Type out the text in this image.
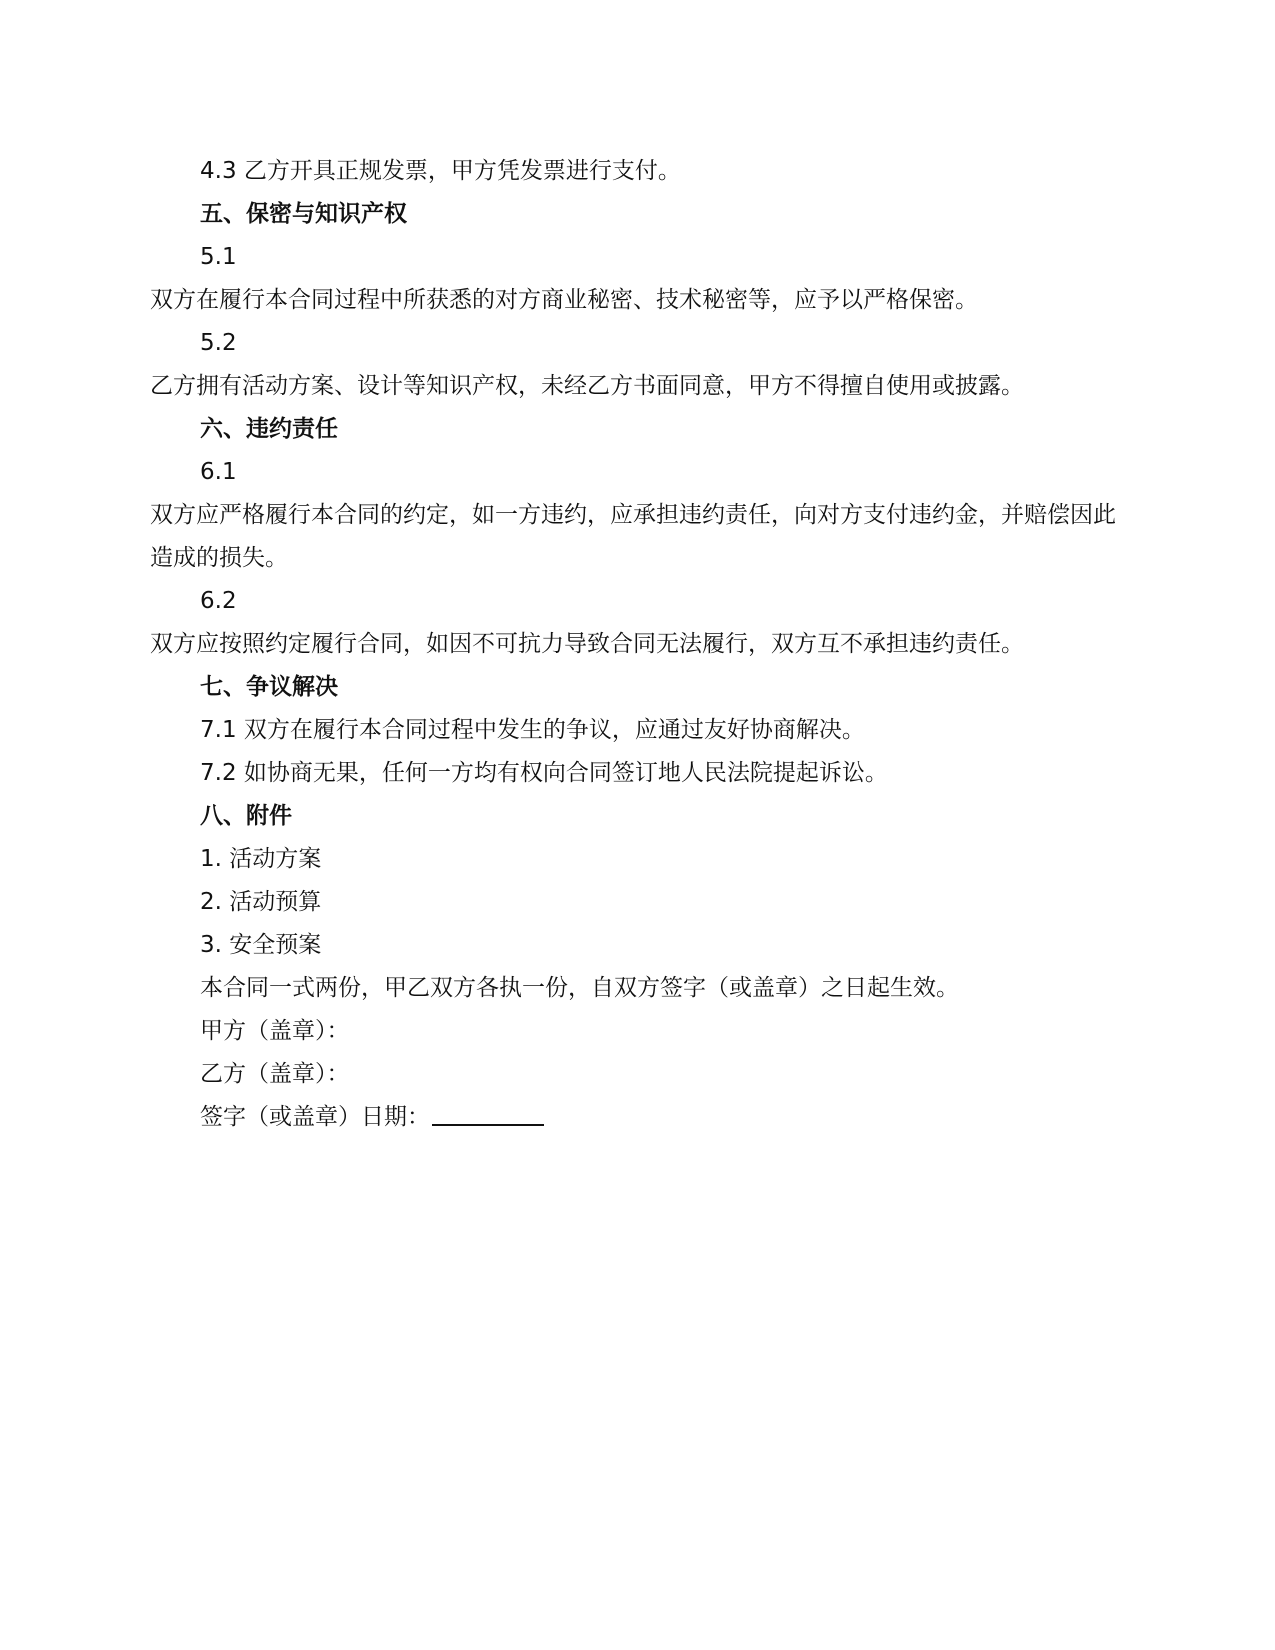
4.3 乙方开具正规发票，甲方凭发票进行支付。

五、保密与知识产权

5.1

双方在履行本合同过程中所获悉的对方商业秘密、技术秘密等，应予以严格保密。

5.2

乙方拥有活动方案、设计等知识产权，未经乙方书面同意，甲方不得擅自使用或披露。

六、违约责任

6.1

双方应严格履行本合同的约定，如一方违约，应承担违约责任，向对方支付违约金，并赔偿因此造成的损失。

6.2

双方应按照约定履行合同，如因不可抗力导致合同无法履行，双方互不承担违约责任。

七、争议解决

7.1 双方在履行本合同过程中发生的争议，应通过友好协商解决。

7.2 如协商无果，任何一方均有权向合同签订地人民法院提起诉讼。

八、附件

1. 活动方案

2. 活动预算

3. 安全预案

本合同一式两份，甲乙双方各执一份，自双方签字（或盖章）之日起生效。

甲方（盖章）：

乙方（盖章）：

签字（或盖章）日期：
